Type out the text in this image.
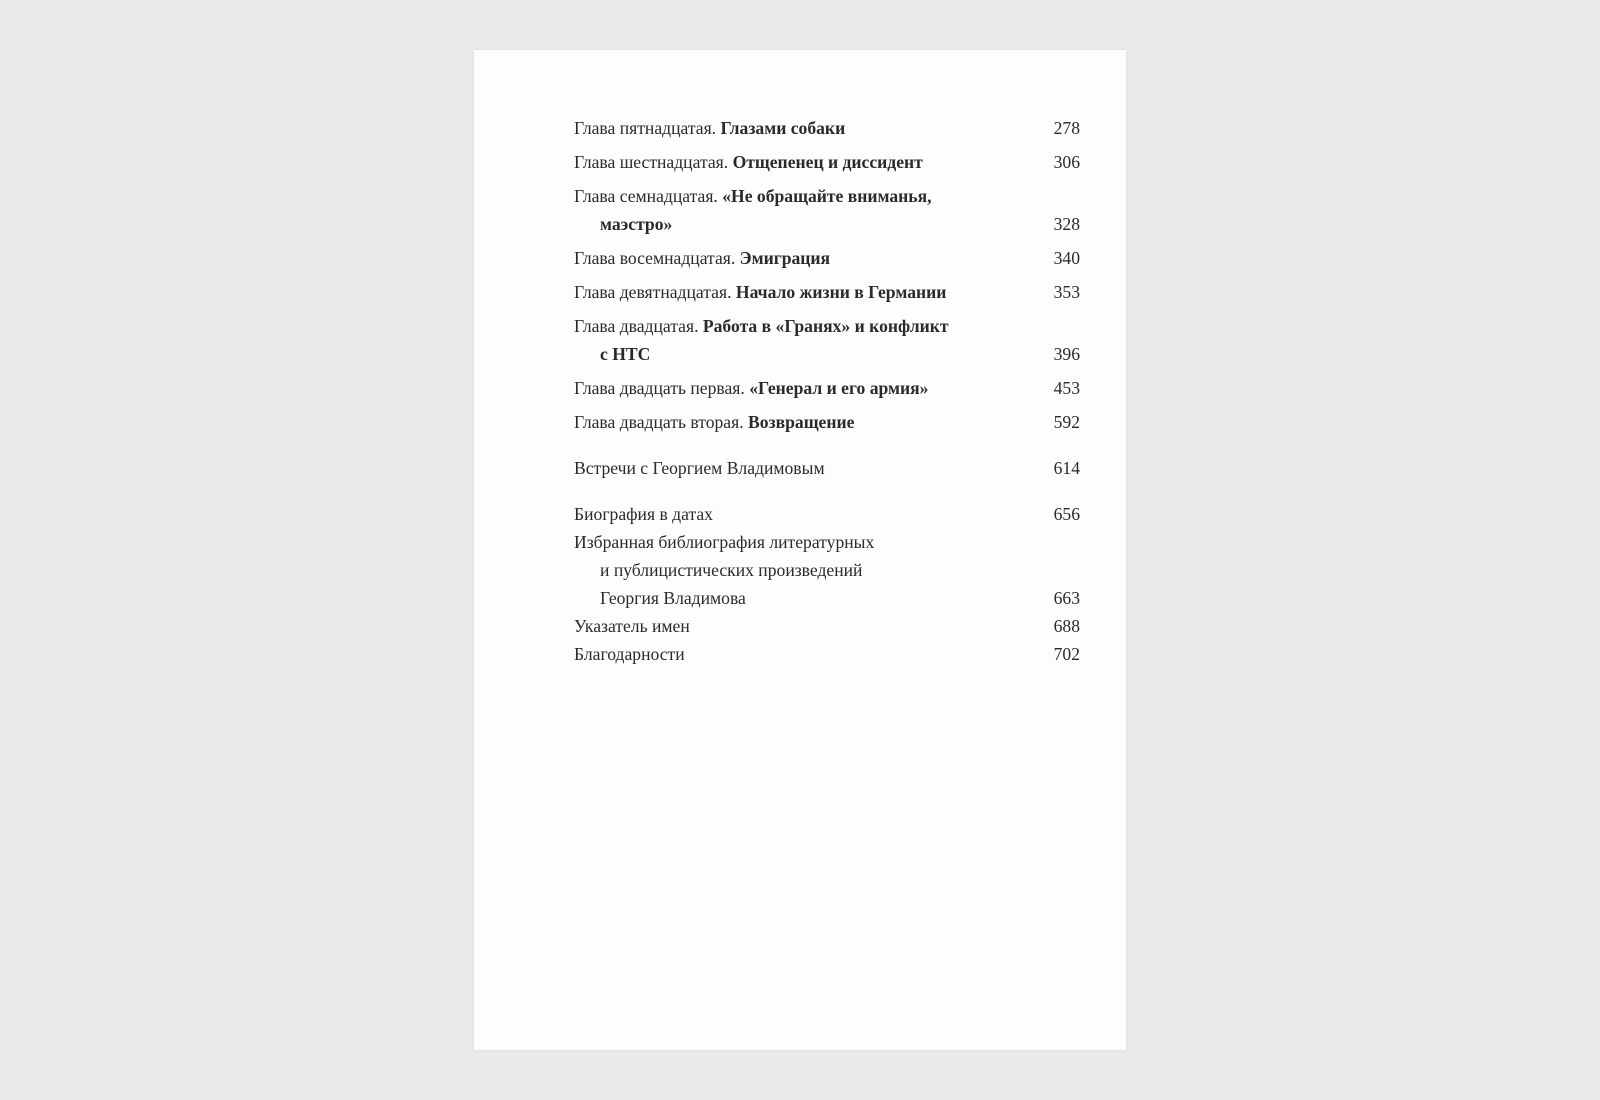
Глава пятнадцатая. Глазами собаки	278
Глава шестнадцатая. Отщепенец и диссидент	306
Глава семнадцатая. «Не обращайте вниманья,
маэстро»	328
Глава восемнадцатая. Эмиграция	340
Глава девятнадцатая. Начало жизни в Германии	353
Глава двадцатая. Работа в «Гранях» и конфликт
с НТС	396
Глава двадцать первая. «Генерал и его армия»	453
Глава двадцать вторая. Возвращение	592
Встречи с Георгием Владимовым	614
Биография в датах	656
Избранная библиография литературных
и публицистических произведений
Георгия Владимова	663
Указатель имен	688
Благодарности	702
